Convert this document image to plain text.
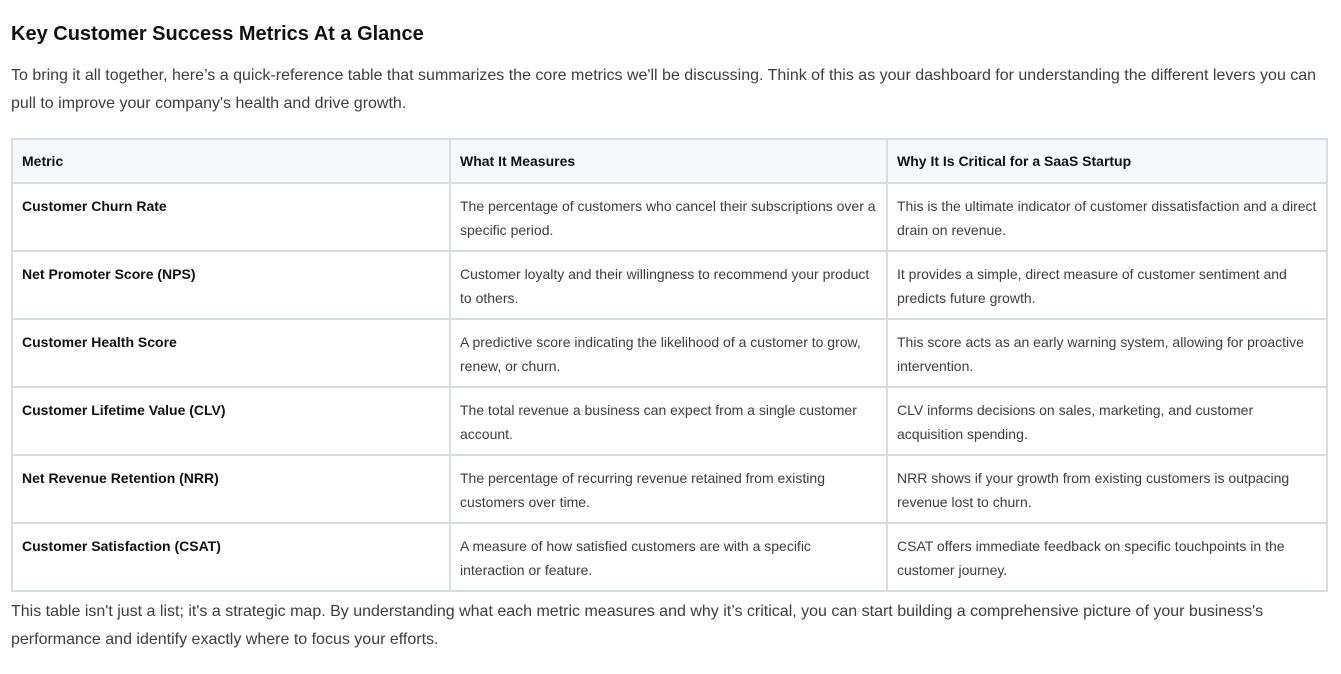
Key Customer Success Metrics At a Glance

To bring it all together, here’s a quick-reference table that summarizes the core metrics we'll be discussing. Think of this as your dashboard for understanding the different levers you can pull to improve your company's health and drive growth.

Metric	What It Measures	Why It Is Critical for a SaaS Startup
Customer Churn Rate	The percentage of customers who cancel their subscriptions over a specific period.	This is the ultimate indicator of customer dissatisfaction and a direct drain on revenue.
Net Promoter Score (NPS)	Customer loyalty and their willingness to recommend your product to others.	It provides a simple, direct measure of customer sentiment and predicts future growth.
Customer Health Score	A predictive score indicating the likelihood of a customer to grow, renew, or churn.	This score acts as an early warning system, allowing for proactive intervention.
Customer Lifetime Value (CLV)	The total revenue a business can expect from a single customer account.	CLV informs decisions on sales, marketing, and customer acquisition spending.
Net Revenue Retention (NRR)	The percentage of recurring revenue retained from existing customers over time.	NRR shows if your growth from existing customers is outpacing revenue lost to churn.
Customer Satisfaction (CSAT)	A measure of how satisfied customers are with a specific interaction or feature.	CSAT offers immediate feedback on specific touchpoints in the customer journey.

This table isn't just a list; it's a strategic map. By understanding what each metric measures and why it’s critical, you can start building a comprehensive picture of your business's performance and identify exactly where to focus your efforts.
